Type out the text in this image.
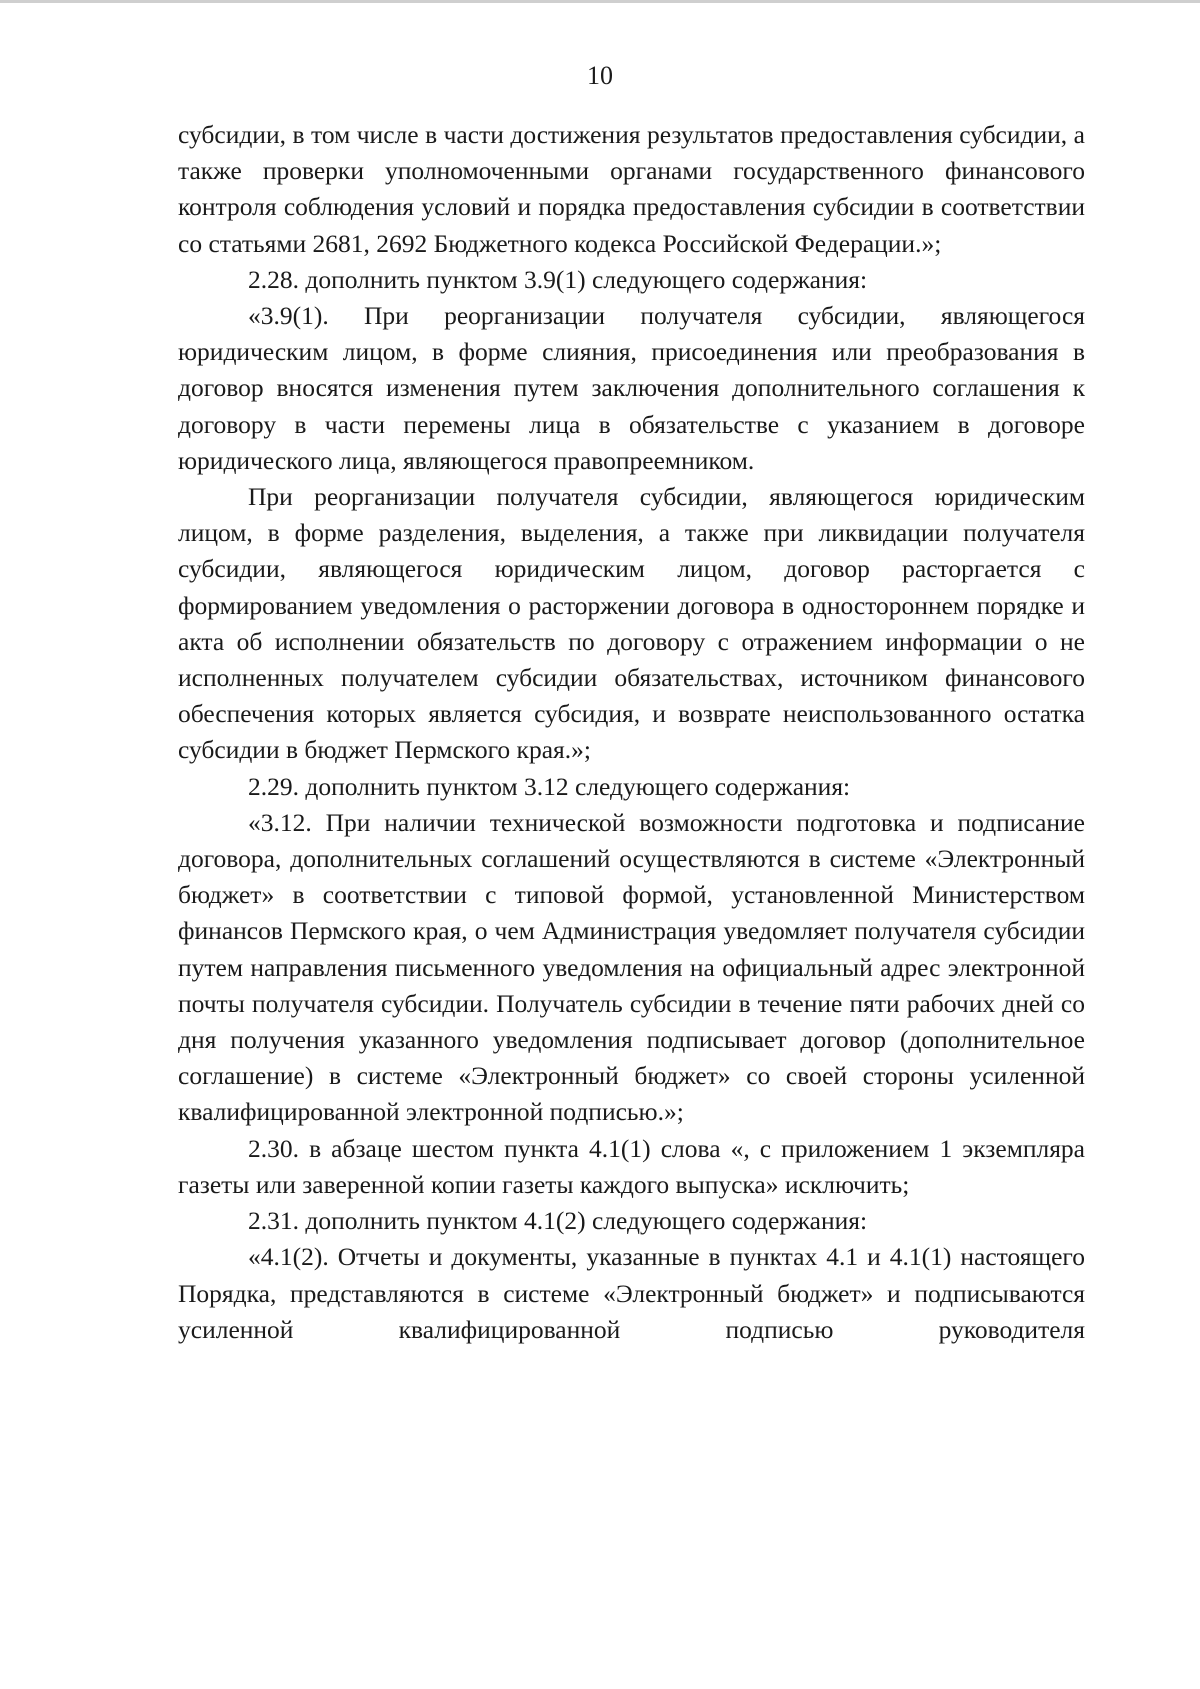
10

субсидии, в том числе в части достижения результатов предоставления субсидии, а также проверки уполномоченными органами государственного финансового контроля соблюдения условий и порядка предоставления субсидии в соответствии со статьями 2681, 2692 Бюджетного кодекса Российской Федерации.»;

2.28. дополнить пунктом 3.9(1) следующего содержания:

«3.9(1). При реорганизации получателя субсидии, являющегося юридическим лицом, в форме слияния, присоединения или преобразования в договор вносятся изменения путем заключения дополнительного соглашения к договору в части перемены лица в обязательстве с указанием в договоре юридического лица, являющегося правопреемником.

При реорганизации получателя субсидии, являющегося юридическим лицом, в форме разделения, выделения, а также при ликвидации получателя субсидии, являющегося юридическим лицом, договор расторгается с формированием уведомления о расторжении договора в одностороннем порядке и акта об исполнении обязательств по договору с отражением информации о не исполненных получателем субсидии обязательствах, источником финансового обеспечения которых является субсидия, и возврате неиспользованного остатка субсидии в бюджет Пермского края.»;

2.29. дополнить пунктом 3.12 следующего содержания:

«3.12. При наличии технической возможности подготовка и подписание договора, дополнительных соглашений осуществляются в системе «Электронный бюджет» в соответствии с типовой формой, установленной Министерством финансов Пермского края, о чем Администрация уведомляет получателя субсидии путем направления письменного уведомления на официальный адрес электронной почты получателя субсидии. Получатель субсидии в течение пяти рабочих дней со дня получения указанного уведомления подписывает договор (дополнительное соглашение) в системе «Электронный бюджет» со своей стороны усиленной квалифицированной электронной подписью.»;

2.30. в абзаце шестом пункта 4.1(1) слова «, с приложением 1 экземпляра газеты или заверенной копии газеты каждого выпуска» исключить;

2.31. дополнить пунктом 4.1(2) следующего содержания:

«4.1(2). Отчеты и документы, указанные в пунктах 4.1 и 4.1(1) настоящего Порядка, представляются в системе «Электронный бюджет» и подписываются усиленной квалифицированной подписью руководителя
